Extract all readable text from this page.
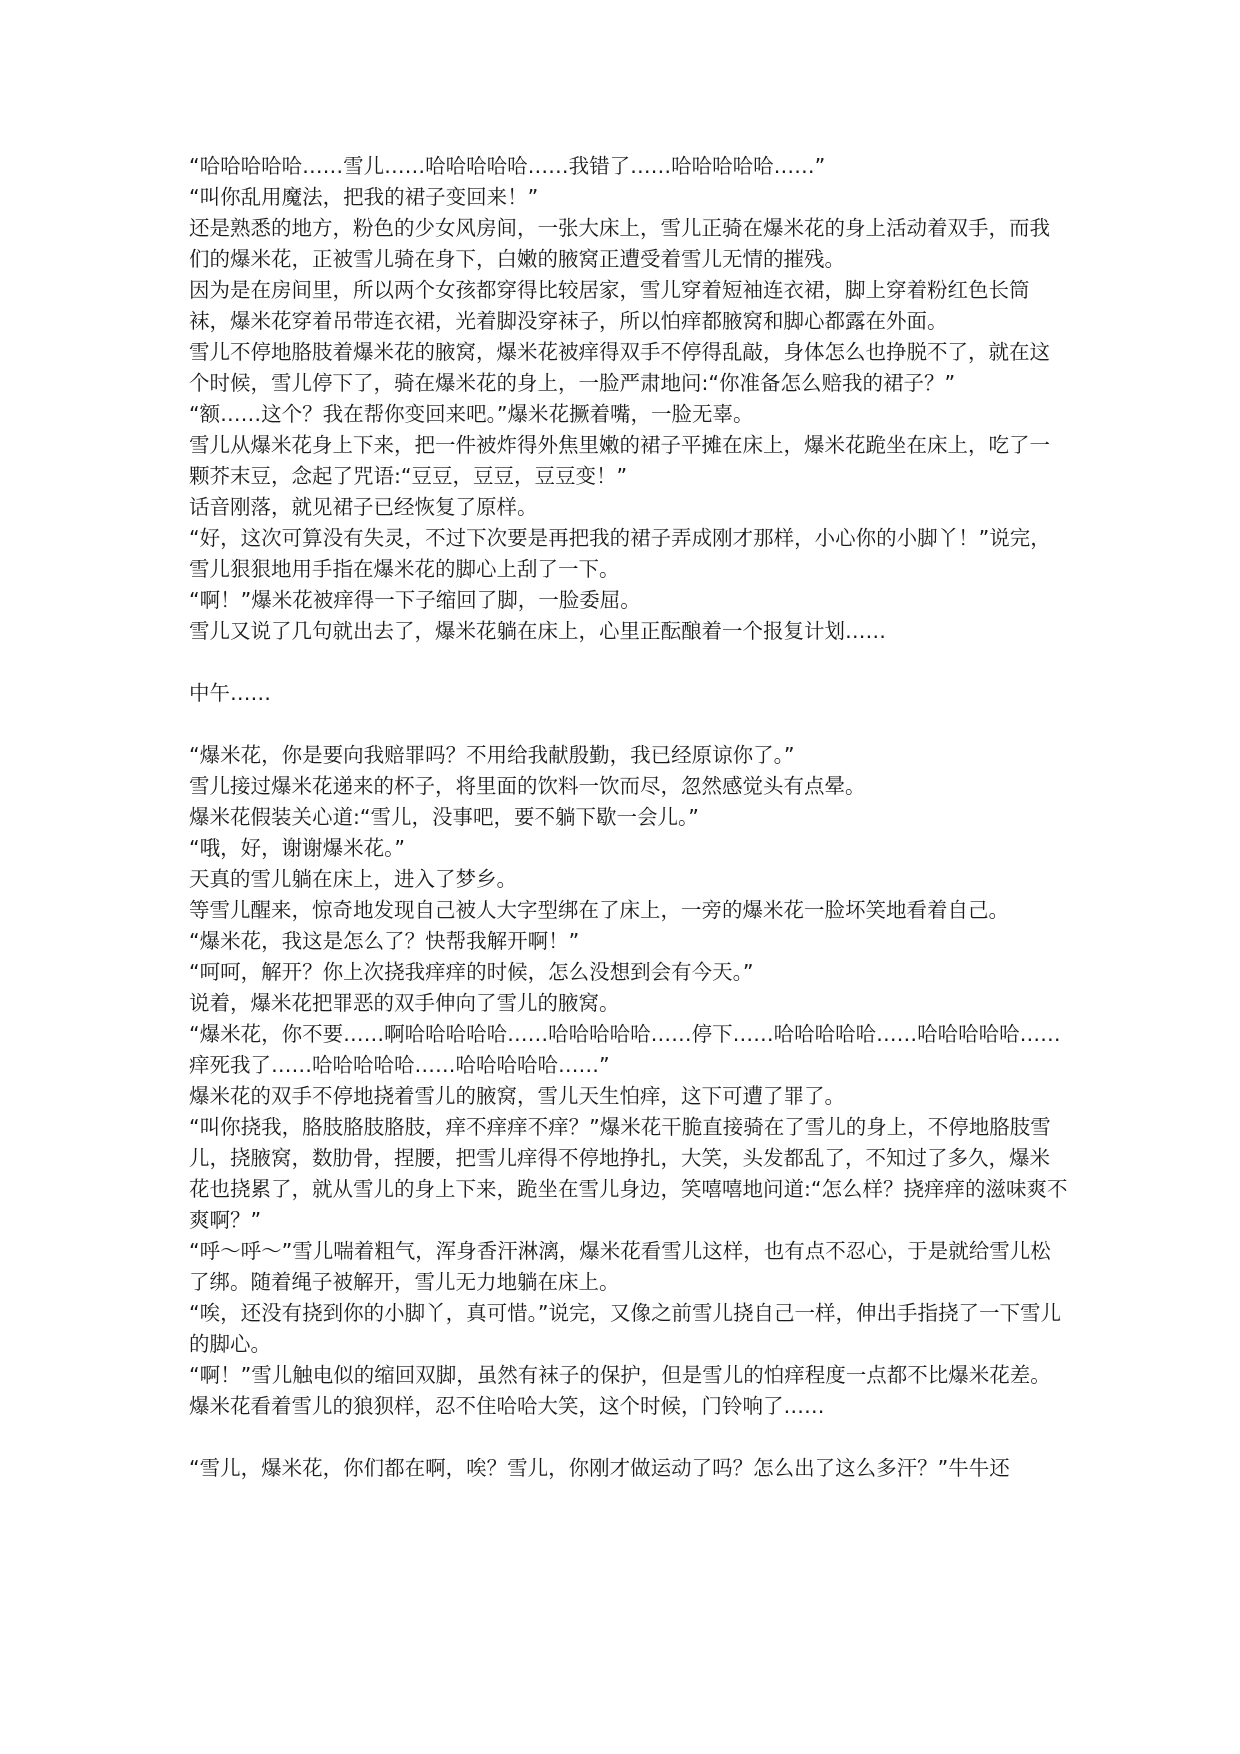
“哈哈哈哈哈……雪儿……哈哈哈哈哈……我错了……哈哈哈哈哈……”

“叫你乱用魔法，把我的裙子变回来！”

还是熟悉的地方，粉色的少女风房间，一张大床上，雪儿正骑在爆米花的身上活动着双手，而我们的爆米花，正被雪儿骑在身下，白嫩的腋窝正遭受着雪儿无情的摧残。

因为是在房间里，所以两个女孩都穿得比较居家，雪儿穿着短袖连衣裙，脚上穿着粉红色长筒袜，爆米花穿着吊带连衣裙，光着脚没穿袜子，所以怕痒都腋窝和脚心都露在外面。

雪儿不停地胳肢着爆米花的腋窝，爆米花被痒得双手不停得乱敲，身体怎么也挣脱不了，就在这个时候，雪儿停下了，骑在爆米花的身上，一脸严肃地问:“你准备怎么赔我的裙子？”

“额……这个？我在帮你变回来吧。”爆米花撅着嘴，一脸无辜。

雪儿从爆米花身上下来，把一件被炸得外焦里嫩的裙子平摊在床上，爆米花跪坐在床上，吃了一颗芥末豆，念起了咒语:“豆豆，豆豆，豆豆变！”

话音刚落，就见裙子已经恢复了原样。

“好，这次可算没有失灵，不过下次要是再把我的裙子弄成刚才那样，小心你的小脚丫！”说完，雪儿狠狠地用手指在爆米花的脚心上刮了一下。

“啊！”爆米花被痒得一下子缩回了脚，一脸委屈。

雪儿又说了几句就出去了，爆米花躺在床上，心里正酝酿着一个报复计划……

中午……

“爆米花，你是要向我赔罪吗？不用给我献殷勤，我已经原谅你了。”

雪儿接过爆米花递来的杯子，将里面的饮料一饮而尽，忽然感觉头有点晕。

爆米花假装关心道:“雪儿，没事吧，要不躺下歇一会儿。”

“哦，好，谢谢爆米花。”

天真的雪儿躺在床上，进入了梦乡。

等雪儿醒来，惊奇地发现自己被人大字型绑在了床上，一旁的爆米花一脸坏笑地看着自己。

“爆米花，我这是怎么了？快帮我解开啊！”

“呵呵，解开？你上次挠我痒痒的时候，怎么没想到会有今天。”

说着，爆米花把罪恶的双手伸向了雪儿的腋窝。

“爆米花，你不要……啊哈哈哈哈哈……哈哈哈哈哈……停下……哈哈哈哈哈……哈哈哈哈哈……痒死我了……哈哈哈哈哈……哈哈哈哈哈……”

爆米花的双手不停地挠着雪儿的腋窝，雪儿天生怕痒，这下可遭了罪了。

“叫你挠我，胳肢胳肢胳肢，痒不痒痒不痒？”爆米花干脆直接骑在了雪儿的身上，不停地胳肢雪儿，挠腋窝，数肋骨，捏腰，把雪儿痒得不停地挣扎，大笑，头发都乱了，不知过了多久，爆米花也挠累了，就从雪儿的身上下来，跪坐在雪儿身边，笑嘻嘻地问道:“怎么样？挠痒痒的滋味爽不爽啊？”

“呼～呼～”雪儿喘着粗气，浑身香汗淋漓，爆米花看雪儿这样，也有点不忍心，于是就给雪儿松了绑。随着绳子被解开，雪儿无力地躺在床上。

“唉，还没有挠到你的小脚丫，真可惜。”说完，又像之前雪儿挠自己一样，伸出手指挠了一下雪儿的脚心。

“啊！”雪儿触电似的缩回双脚，虽然有袜子的保护，但是雪儿的怕痒程度一点都不比爆米花差。

爆米花看着雪儿的狼狈样，忍不住哈哈大笑，这个时候，门铃响了……

“雪儿，爆米花，你们都在啊，唉？雪儿，你刚才做运动了吗？怎么出了这么多汗？”牛牛还
